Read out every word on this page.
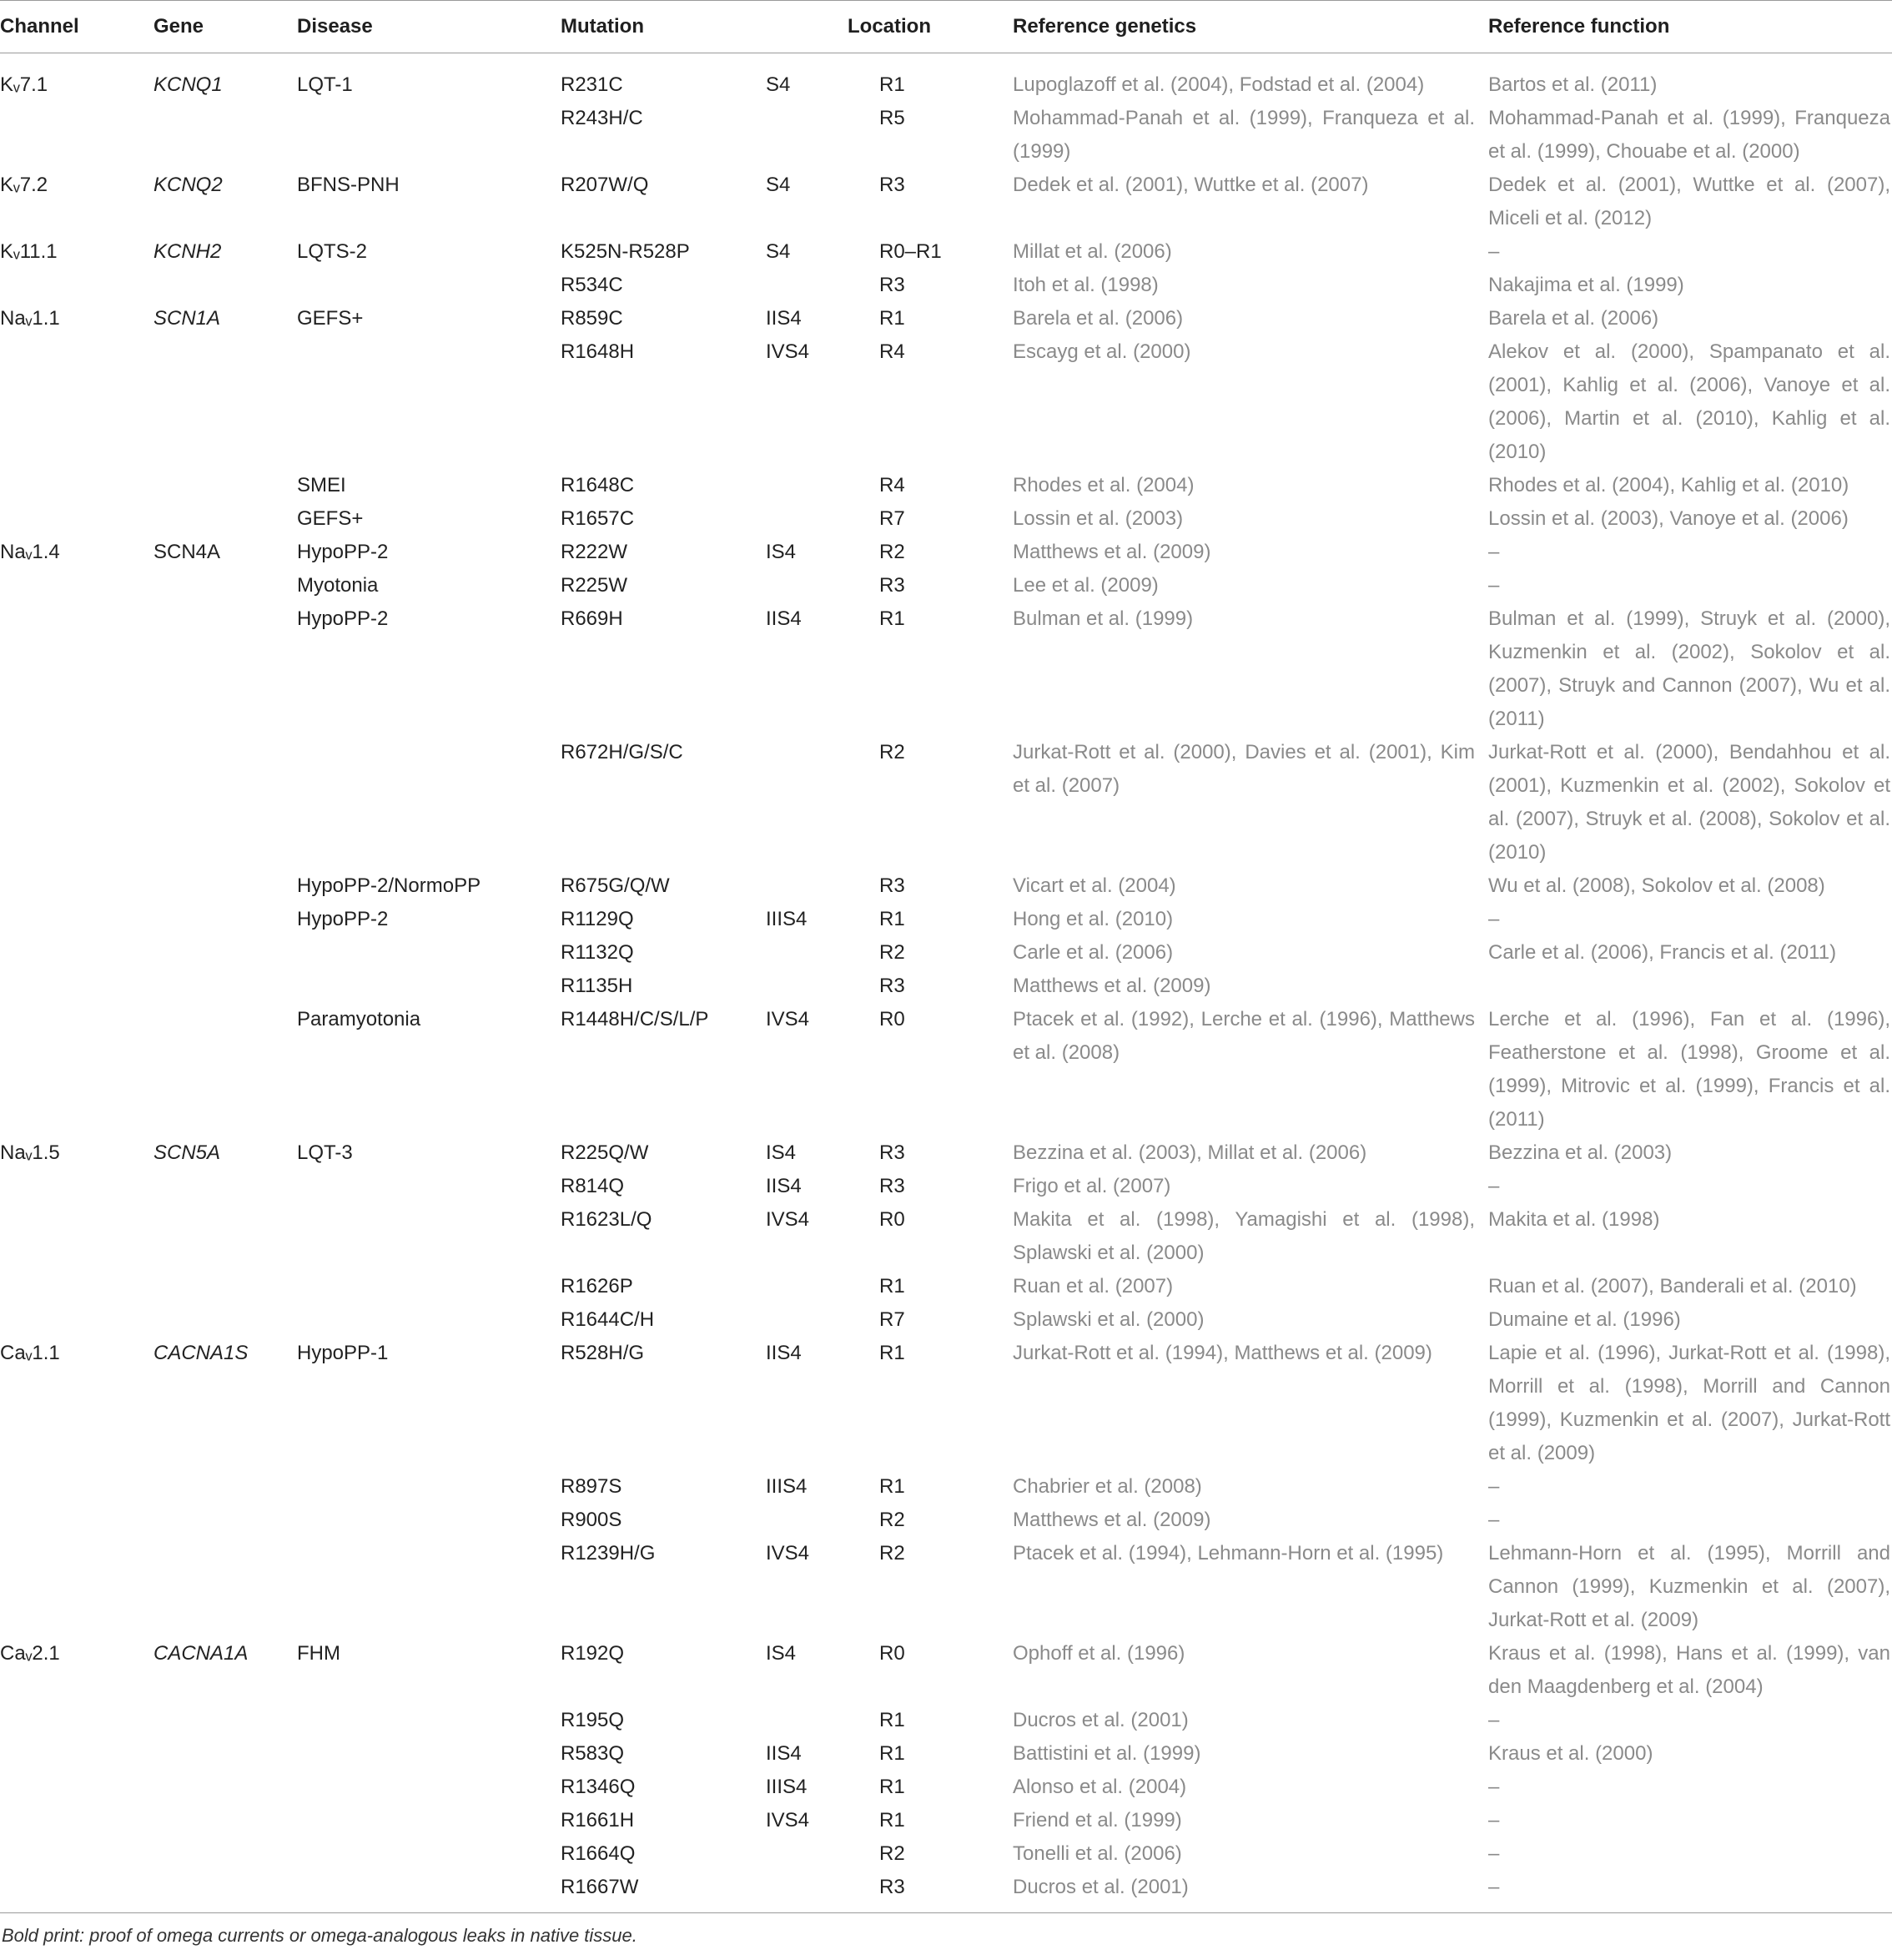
Channel	Gene	Disease	Mutation	Location		Reference genetics	Reference function
Kᵥ7.1	KCNQ1	LQT-1	R231C	S4	R1	Lupoglazoff et al. (2004), Fodstad et al. (2004)	Bartos et al. (2011)
			R243H/C		R5	Mohammad-Panah et al. (1999), Franqueza et al. (1999)	Mohammad-Panah et al. (1999), Franqueza et al. (1999), Chouabe et al. (2000)
Kᵥ7.2	KCNQ2	BFNS-PNH	R207W/Q	S4	R3	Dedek et al. (2001), Wuttke et al. (2007)	Dedek et al. (2001), Wuttke et al. (2007), Miceli et al. (2012)
Kᵥ11.1	KCNH2	LQTS-2	K525N-R528P	S4	R0–R1	Millat et al. (2006)	–
			R534C		R3	Itoh et al. (1998)	Nakajima et al. (1999)
Naᵥ1.1	SCN1A	GEFS+	R859C	IIS4	R1	Barela et al. (2006)	Barela et al. (2006)
			R1648H	IVS4	R4	Escayg et al. (2000)	Alekov et al. (2000), Spampanato et al. (2001), Kahlig et al. (2006), Vanoye et al. (2006), Martin et al. (2010), Kahlig et al. (2010)
		SMEI	R1648C		R4	Rhodes et al. (2004)	Rhodes et al. (2004), Kahlig et al. (2010)
		GEFS+	R1657C		R7	Lossin et al. (2003)	Lossin et al. (2003), Vanoye et al. (2006)
Naᵥ1.4	SCN4A	HypoPP-2	R222W	IS4	R2	Matthews et al. (2009)	–
		Myotonia	R225W		R3	Lee et al. (2009)	–
		HypoPP-2	R669H	IIS4	R1	Bulman et al. (1999)	Bulman et al. (1999), Struyk et al. (2000), Kuzmenkin et al. (2002), Sokolov et al. (2007), Struyk and Cannon (2007), Wu et al. (2011)
			R672H/G/S/C		R2	Jurkat-Rott et al. (2000), Davies et al. (2001), Kim et al. (2007)	Jurkat-Rott et al. (2000), Bendahhou et al. (2001), Kuzmenkin et al. (2002), Sokolov et al. (2007), Struyk et al. (2008), Sokolov et al. (2010)
		HypoPP-2/NormoPP	R675G/Q/W		R3	Vicart et al. (2004)	Wu et al. (2008), Sokolov et al. (2008)
		HypoPP-2	R1129Q	IIIS4	R1	Hong et al. (2010)	–
			R1132Q		R2	Carle et al. (2006)	Carle et al. (2006), Francis et al. (2011)
			R1135H		R3	Matthews et al. (2009)	
		Paramyotonia	R1448H/C/S/L/P	IVS4	R0	Ptacek et al. (1992), Lerche et al. (1996), Matthews et al. (2008)	Lerche et al. (1996), Fan et al. (1996), Featherstone et al. (1998), Groome et al. (1999), Mitrovic et al. (1999), Francis et al. (2011)
Naᵥ1.5	SCN5A	LQT-3	R225Q/W	IS4	R3	Bezzina et al. (2003), Millat et al. (2006)	Bezzina et al. (2003)
			R814Q	IIS4	R3	Frigo et al. (2007)	–
			R1623L/Q	IVS4	R0	Makita et al. (1998), Yamagishi et al. (1998), Splawski et al. (2000)	Makita et al. (1998)
			R1626P		R1	Ruan et al. (2007)	Ruan et al. (2007), Banderali et al. (2010)
			R1644C/H		R7	Splawski et al. (2000)	Dumaine et al. (1996)
Caᵥ1.1	CACNA1S	HypoPP-1	R528H/G	IIS4	R1	Jurkat-Rott et al. (1994), Matthews et al. (2009)	Lapie et al. (1996), Jurkat-Rott et al. (1998), Morrill et al. (1998), Morrill and Cannon (1999), Kuzmenkin et al. (2007), Jurkat-Rott et al. (2009)
			R897S	IIIS4	R1	Chabrier et al. (2008)	–
			R900S		R2	Matthews et al. (2009)	–
			R1239H/G	IVS4	R2	Ptacek et al. (1994), Lehmann-Horn et al. (1995)	Lehmann-Horn et al. (1995), Morrill and Cannon (1999), Kuzmenkin et al. (2007), Jurkat-Rott et al. (2009)
Caᵥ2.1	CACNA1A	FHM	R192Q	IS4	R0	Ophoff et al. (1996)	Kraus et al. (1998), Hans et al. (1999), van den Maagdenberg et al. (2004)
			R195Q		R1	Ducros et al. (2001)	–
			R583Q	IIS4	R1	Battistini et al. (1999)	Kraus et al. (2000)
			R1346Q	IIIS4	R1	Alonso et al. (2004)	–
			R1661H	IVS4	R1	Friend et al. (1999)	–
			R1664Q		R2	Tonelli et al. (2006)	–
			R1667W		R3	Ducros et al. (2001)	–
Bold print: proof of omega currents or omega-analogous leaks in native tissue.
